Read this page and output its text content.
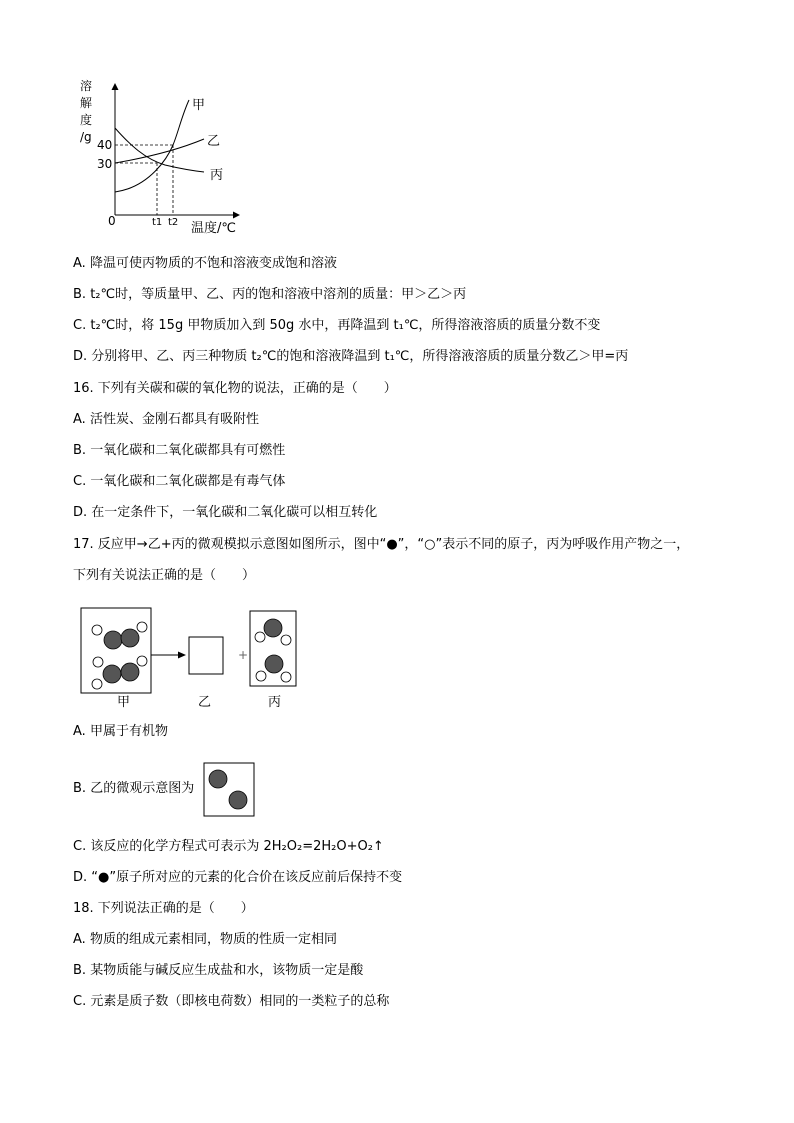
溶
解
度
/g
40
30
0	t1 t2 温度/℃
甲
乙
丙
A. 降温可使丙物质的不饱和溶液变成饱和溶液
B. t₂℃时，等质量甲、乙、丙的饱和溶液中溶剂的质量：甲＞乙＞丙
C. t₂℃时，将 15g 甲物质加入到 50g 水中，再降温到 t₁℃，所得溶液溶质的质量分数不变
D. 分别将甲、乙、丙三种物质 t₂℃的饱和溶液降温到 t₁℃，所得溶液溶质的质量分数乙＞甲=丙
16. 下列有关碳和碳的氧化物的说法，正确的是（　　）
A. 活性炭、金刚石都具有吸附性
B. 一氧化碳和二氧化碳都具有可燃性
C. 一氧化碳和二氧化碳都是有毒气体
D. 在一定条件下，一氧化碳和二氧化碳可以相互转化
17. 反应甲→乙+丙的微观模拟示意图如图所示，图中“●”，“○”表示不同的原子，丙为呼吸作用产物之一，
下列有关说法正确的是（　　）
甲	乙
+
丙
A. 甲属于有机物
B. 乙的微观示意图为
C. 该反应的化学方程式可表示为 2H₂O₂=2H₂O+O₂↑
D. “●”原子所对应的元素的化合价在该反应前后保持不变
18. 下列说法正确的是（　　）
A. 物质的组成元素相同，物质的性质一定相同
B. 某物质能与碱反应生成盐和水，该物质一定是酸
C. 元素是质子数（即核电荷数）相同的一类粒子的总称
